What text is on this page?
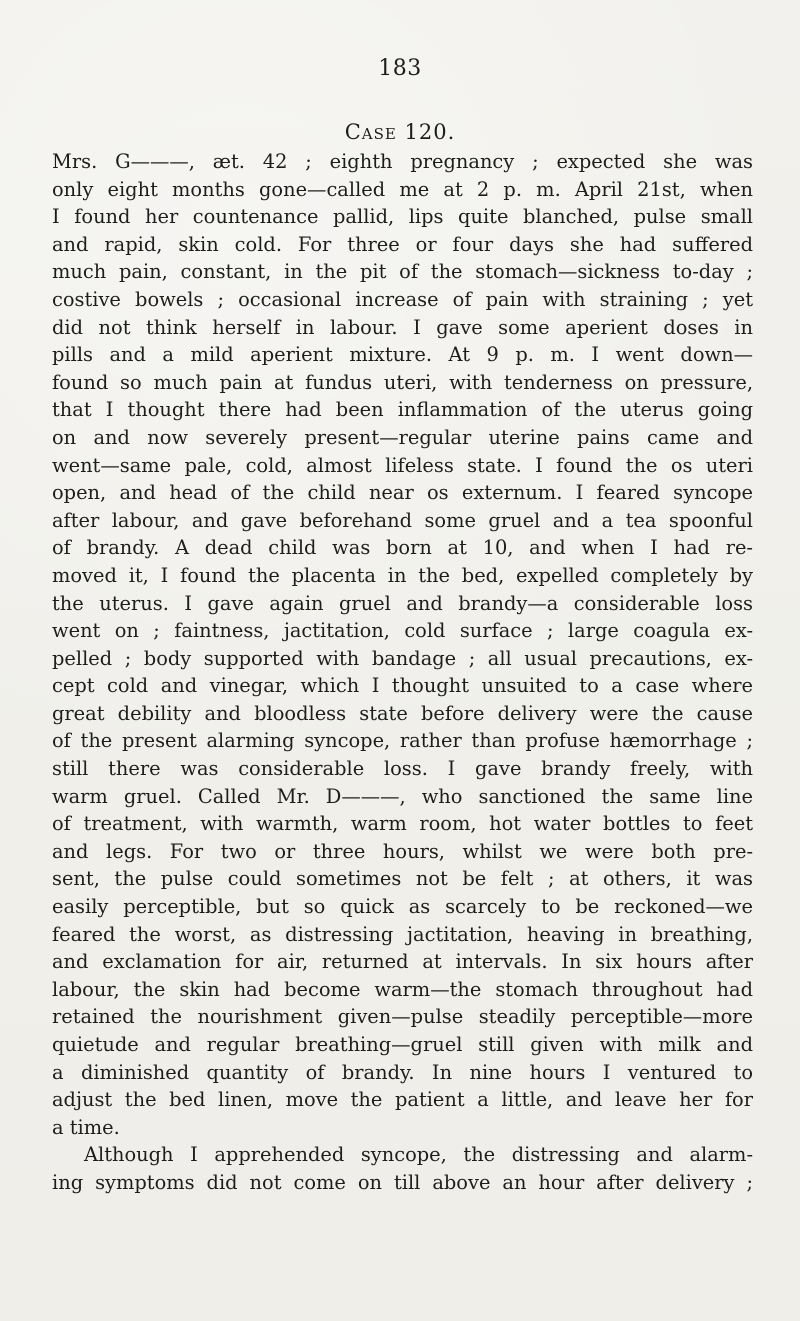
183
Case 120.
Mrs. G———, æt. 42 ; eighth pregnancy ; expected she was
only eight months gone—called me at 2 p. m. April 21st, when
I found her countenance pallid, lips quite blanched, pulse small
and rapid, skin cold. For three or four days she had suffered
much pain, constant, in the pit of the stomach—sickness to-day ;
costive bowels ; occasional increase of pain with straining ; yet
did not think herself in labour. I gave some aperient doses in
pills and a mild aperient mixture. At 9 p. m. I went down—
found so much pain at fundus uteri, with tenderness on pressure,
that I thought there had been inflammation of the uterus going
on and now severely present—regular uterine pains came and
went—same pale, cold, almost lifeless state. I found the os uteri
open, and head of the child near os externum. I feared syncope
after labour, and gave beforehand some gruel and a tea spoonful
of brandy. A dead child was born at 10, and when I had re-
moved it, I found the placenta in the bed, expelled completely by
the uterus. I gave again gruel and brandy—a considerable loss
went on ; faintness, jactitation, cold surface ; large coagula ex-
pelled ; body supported with bandage ; all usual precautions, ex-
cept cold and vinegar, which I thought unsuited to a case where
great debility and bloodless state before delivery were the cause
of the present alarming syncope, rather than profuse hæmorrhage ;
still there was considerable loss. I gave brandy freely, with
warm gruel. Called Mr. D———, who sanctioned the same line
of treatment, with warmth, warm room, hot water bottles to feet
and legs. For two or three hours, whilst we were both pre-
sent, the pulse could sometimes not be felt ; at others, it was
easily perceptible, but so quick as scarcely to be reckoned—we
feared the worst, as distressing jactitation, heaving in breathing,
and exclamation for air, returned at intervals. In six hours after
labour, the skin had become warm—the stomach throughout had
retained the nourishment given—pulse steadily perceptible—more
quietude and regular breathing—gruel still given with milk and
a diminished quantity of brandy. In nine hours I ventured to
adjust the bed linen, move the patient a little, and leave her for
a time.
Although I apprehended syncope, the distressing and alarm-
ing symptoms did not come on till above an hour after delivery ;
